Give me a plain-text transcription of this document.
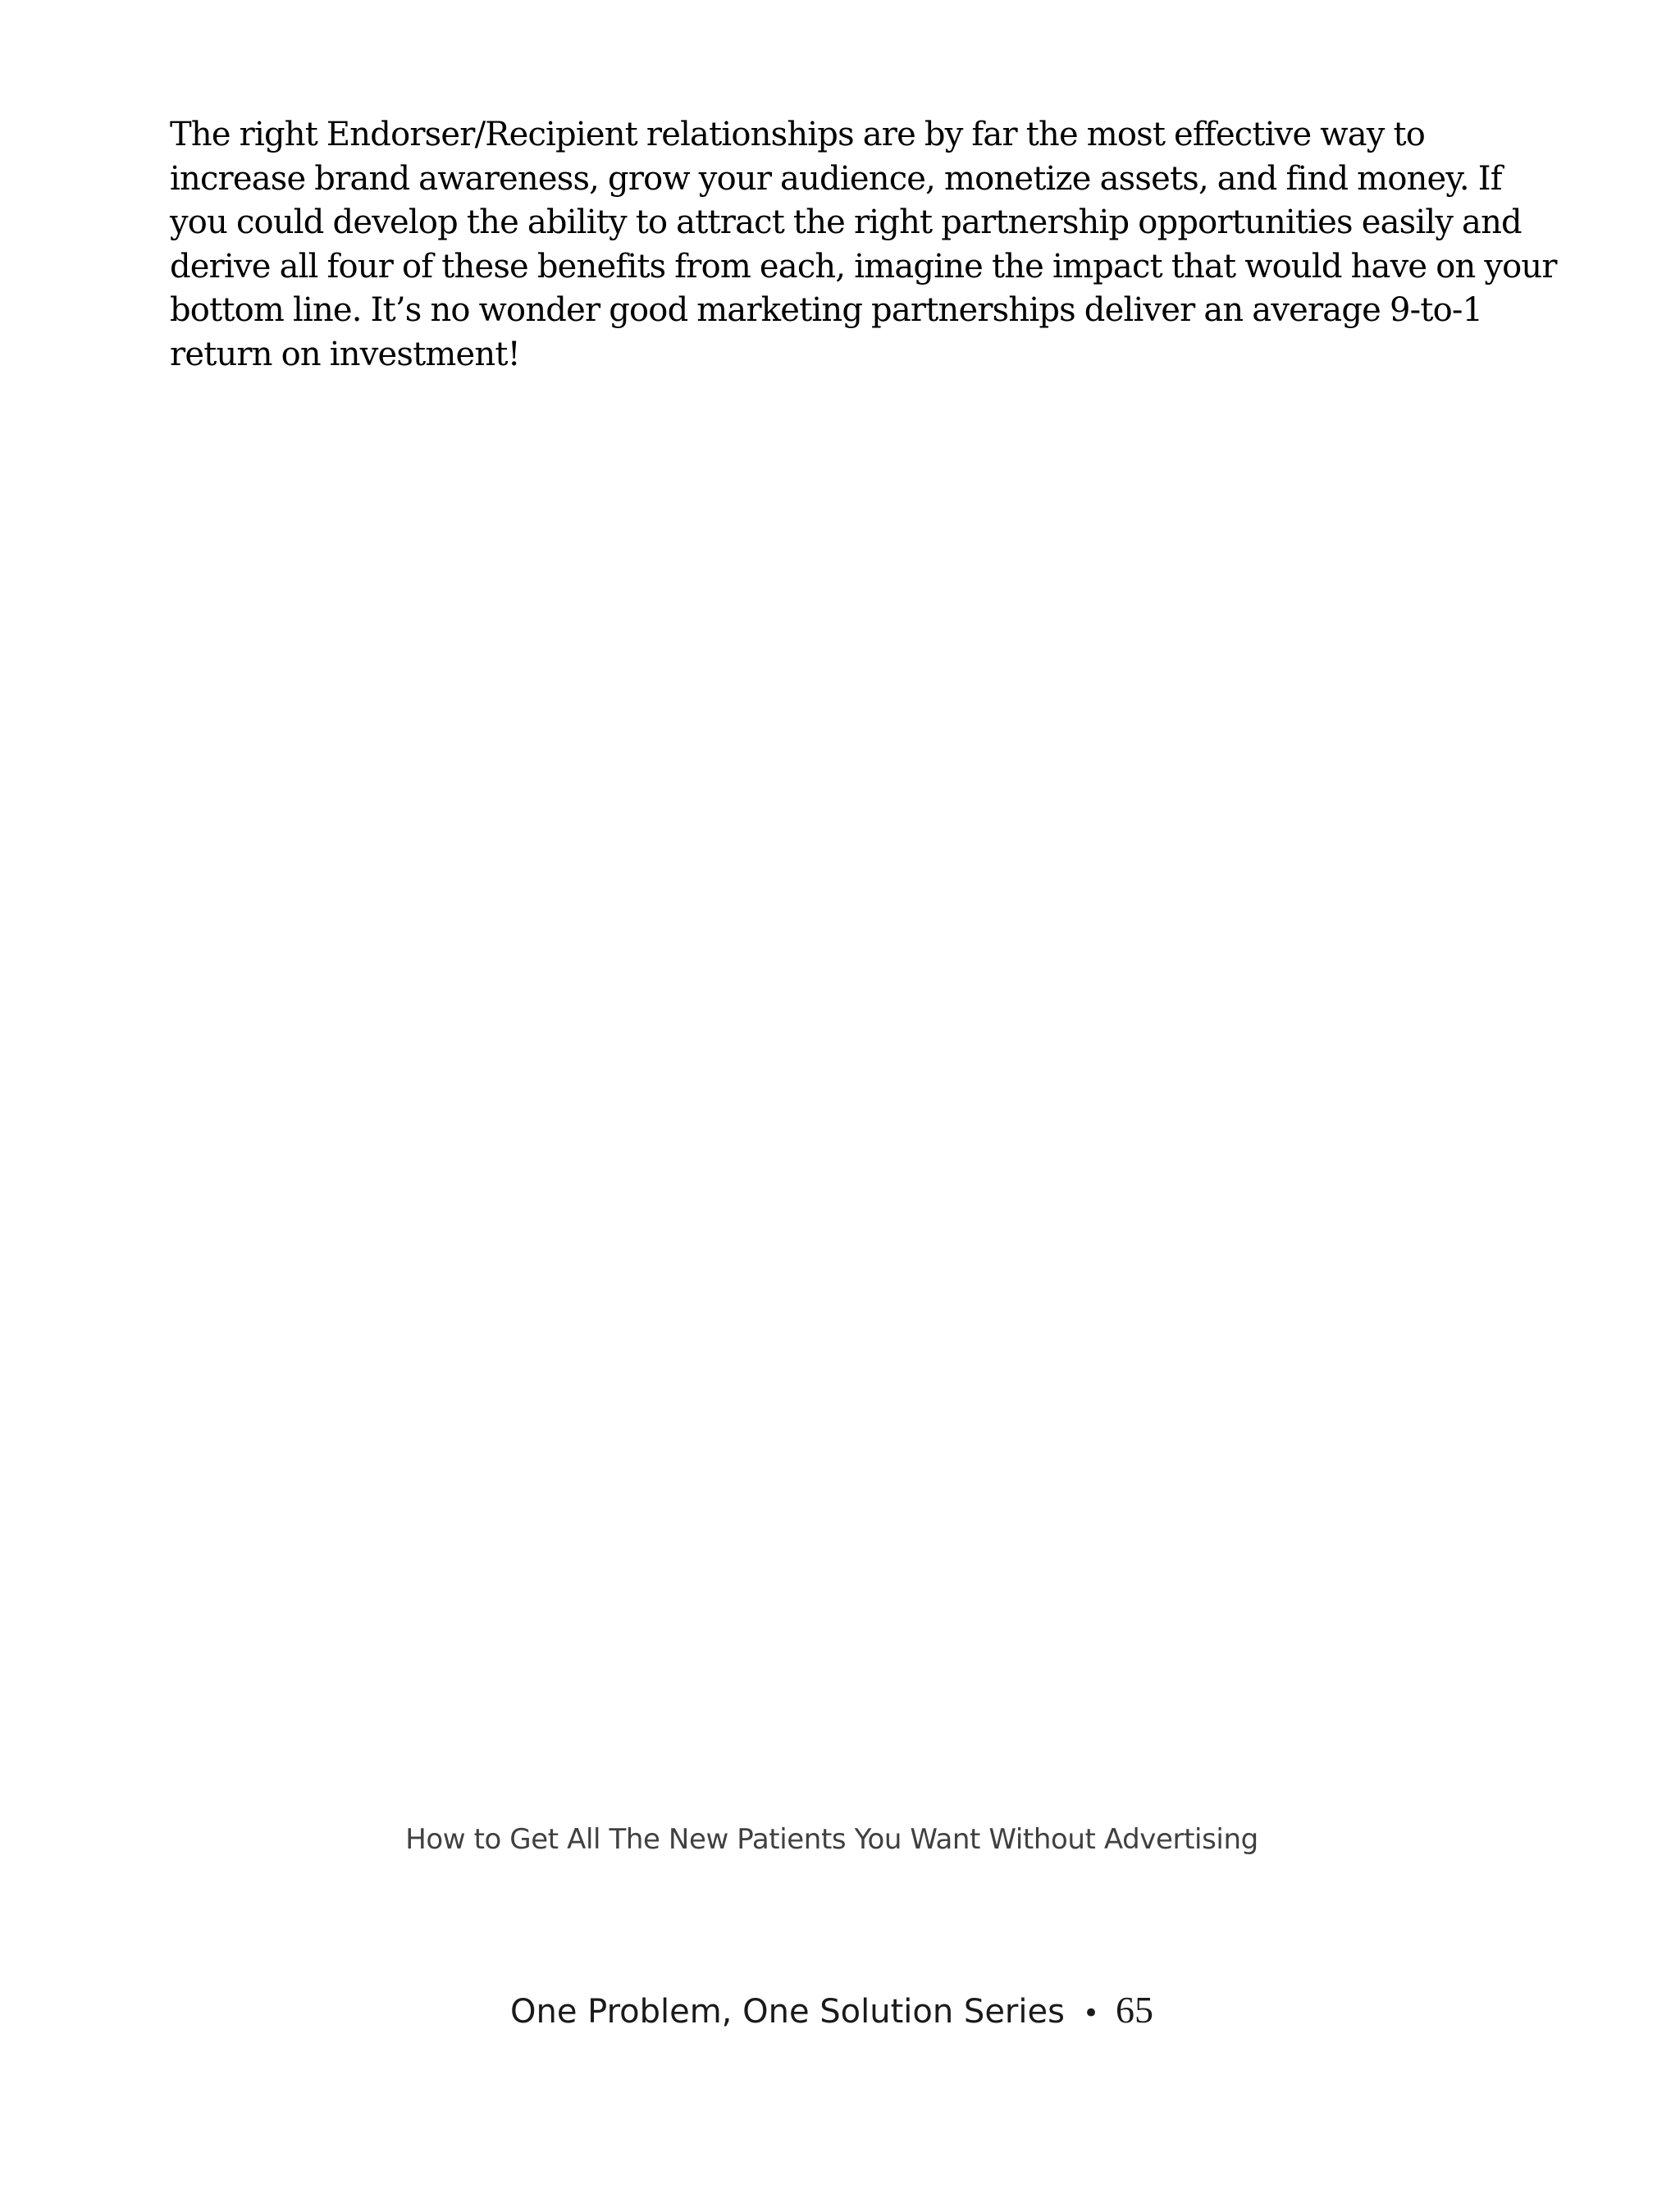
The right Endorser/Recipient relationships are by far the most effective way to
increase brand awareness, grow your audience, monetize assets, and find money. If
you could develop the ability to attract the right partnership opportunities easily and
derive all four of these benefits from each, imagine the impact that would have on your
bottom line. It’s no wonder good marketing partnerships deliver an average 9-to-1
return on investment!

How to Get All The New Patients You Want Without Advertising
One Problem, One Solution Series • 65
